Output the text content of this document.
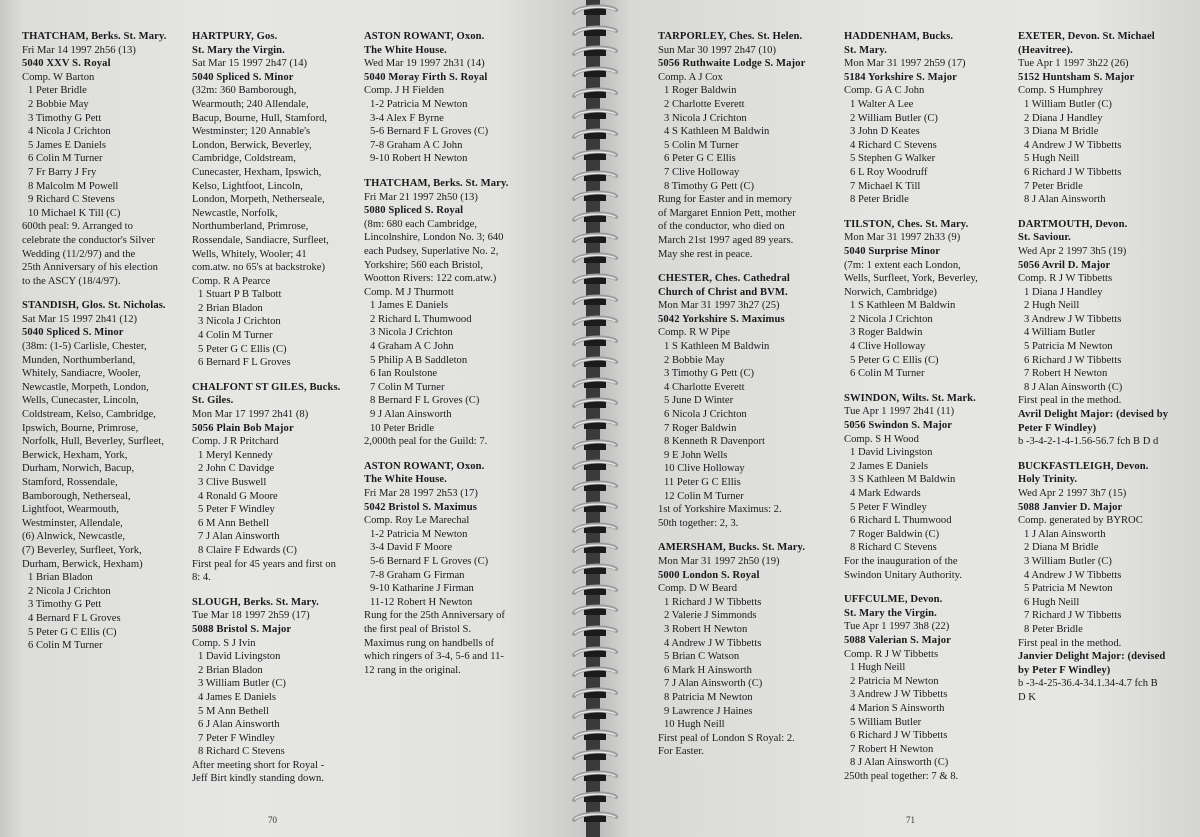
THATCHAM, Berks. St. Mary.
Fri Mar 14 1997 2h56 (13)
5040 XXV S. Royal
Comp. W Barton
1 Peter Bridle
2 Bobbie May
3 Timothy G Pett
4 Nicola J Crichton
5 James E Daniels
6 Colin M Turner
7 Fr Barry J Fry
8 Malcolm M Powell
9 Richard C Stevens
10 Michael K Till (C)
600th peal: 9. Arranged to
celebrate the conductor's Silver
Wedding (11/2/97) and the
25th Anniversary of his election
to the ASCY (18/4/97).
STANDISH, Glos. St. Nicholas.
Sat Mar 15 1997 2h41 (12)
5040 Spliced S. Minor
(38m: (1-5) Carlisle, Chester,
Munden, Northumberland,
Whitely, Sandiacre, Wooler,
Newcastle, Morpeth, London,
Wells, Cunecaster, Lincoln,
Coldstream, Kelso, Cambridge,
Ipswich, Bourne, Primrose,
Norfolk, Hull, Beverley, Surfleet,
Berwick, Hexham, York,
Durham, Norwich, Bacup,
Stamford, Rossendale,
Bamborough, Netherseal,
Lightfoot, Wearmouth,
Westminster, Allendale,
(6) Alnwick, Newcastle,
(7) Beverley, Surfleet, York,
Durham, Berwick, Hexham)
1 Brian Bladon
2 Nicola J Crichton
3 Timothy G Pett
4 Bernard F L Groves
5 Peter G C Ellis (C)
6 Colin M Turner
HARTPURY, Gos.
St. Mary the Virgin.
Sat Mar 15 1997 2h47 (14)
5040 Spliced S. Minor
(32m: 360 Bamborough,
Wearmouth; 240 Allendale,
Bacup, Bourne, Hull, Stamford,
Westminster; 120 Annable's
London, Berwick, Beverley,
Cambridge, Coldstream,
Cunecaster, Hexham, Ipswich,
Kelso, Lightfoot, Lincoln,
London, Morpeth, Netherseale,
Newcastle, Norfolk,
Northumberland, Primrose,
Rossendale, Sandiacre, Surfleet,
Wells, Whitely, Wooler; 41
com.atw. no 65's at backstroke)
Comp. R A Pearce
1 Stuart P B Talbott
2 Brian Bladon
3 Nicola J Crichton
4 Colin M Turner
5 Peter G C Ellis (C)
6 Bernard F L Groves
CHALFONT ST GILES, Bucks.
St. Giles.
Mon Mar 17 1997 2h41 (8)
5056 Plain Bob Major
Comp. J R Pritchard
1 Meryl Kennedy
2 John C Davidge
3 Clive Buswell
4 Ronald G Moore
5 Peter F Windley
6 M Ann Bethell
7 J Alan Ainsworth
8 Claire F Edwards (C)
First peal for 45 years and first on
8: 4.
SLOUGH, Berks. St. Mary.
Tue Mar 18 1997 2h59 (17)
5088 Bristol S. Major
Comp. S J Ivin
1 David Livingston
2 Brian Bladon
3 William Butler (C)
4 James E Daniels
5 M Ann Bethell
6 J Alan Ainsworth
7 Peter F Windley
8 Richard C Stevens
After meeting short for Royal -
Jeff Birt kindly standing down.
ASTON ROWANT, Oxon.
The White House.
Wed Mar 19 1997 2h31 (14)
5040 Moray Firth S. Royal
Comp. J H Fielden
1-2 Patricia M Newton
3-4 Alex F Byrne
5-6 Bernard F L Groves (C)
7-8 Graham A C John
9-10 Robert H Newton
THATCHAM, Berks. St. Mary.
Fri Mar 21 1997 2h50 (13)
5080 Spliced S. Royal
(8m: 680 each Cambridge,
Lincolnshire, London No. 3; 640
each Pudsey, Superlative No. 2,
Yorkshire; 560 each Bristol,
Wootton Rivers: 122 com.atw.)
Comp. M J Thurmott
1 James E Daniels
2 Richard L Thumwood
3 Nicola J Crichton
4 Graham A C John
5 Philip A B Saddleton
6 Ian Roulstone
7 Colin M Turner
8 Bernard F L Groves (C)
9 J Alan Ainsworth
10 Peter Bridle
2,000th peal for the Guild: 7.
ASTON ROWANT, Oxon.
The White House.
Fri Mar 28 1997 2h53 (17)
5042 Bristol S. Maximus
Comp. Roy Le Marechal
1-2 Patricia M Newton
3-4 David F Moore
5-6 Bernard F L Groves (C)
7-8 Graham G Firman
9-10 Katharine J Firman
11-12 Robert H Newton
Rung for the 25th Anniversary of
the first peal of Bristol S.
Maximus rung on handbells of
which ringers of 3-4, 5-6 and 11-
12 rang in the original.
70
TARPORLEY, Ches. St. Helen.
Sun Mar 30 1997 2h47 (10)
5056 Ruthwaite Lodge S. Major
Comp. A J Cox
1 Roger Baldwin
2 Charlotte Everett
3 Nicola J Crichton
4 S Kathleen M Baldwin
5 Colin M Turner
6 Peter G C Ellis
7 Clive Holloway
8 Timothy G Pett (C)
Rung for Easter and in memory
of Margaret Ennion Pett, mother
of the conductor, who died on
March 21st 1997 aged 89 years.
May she rest in peace.
CHESTER, Ches. Cathedral
Church of Christ and BVM.
Mon Mar 31 1997 3h27 (25)
5042 Yorkshire S. Maximus
Comp. R W Pipe
1 S Kathleen M Baldwin
2 Bobbie May
3 Timothy G Pett (C)
4 Charlotte Everett
5 June D Winter
6 Nicola J Crichton
7 Roger Baldwin
8 Kenneth R Davenport
9 E John Wells
10 Clive Holloway
11 Peter G C Ellis
12 Colin M Turner
1st of Yorkshire Maximus: 2.
50th together: 2, 3.
AMERSHAM, Bucks. St. Mary.
Mon Mar 31 1997 2h50 (19)
5000 London S. Royal
Comp. D W Beard
1 Richard J W Tibbetts
2 Valerie J Simmonds
3 Robert H Newton
4 Andrew J W Tibbetts
5 Brian C Watson
6 Mark H Ainsworth
7 J Alan Ainsworth (C)
8 Patricia M Newton
9 Lawrence J Haines
10 Hugh Neill
First peal of London S Royal: 2.
For Easter.
HADDENHAM, Bucks.
St. Mary.
Mon Mar 31 1997 2h59 (17)
5184 Yorkshire S. Major
Comp. G A C John
1 Walter A Lee
2 William Butler (C)
3 John D Keates
4 Richard C Stevens
5 Stephen G Walker
6 L Roy Woodruff
7 Michael K Till
8 Peter Bridle
TILSTON, Ches. St. Mary.
Mon Mar 31 1997 2h33 (9)
5040 Surprise Minor
(7m: 1 extent each London,
Wells, Surfleet, York, Beverley,
Norwich, Cambridge)
1 S Kathleen M Baldwin
2 Nicola J Crichton
3 Roger Baldwin
4 Clive Holloway
5 Peter G C Ellis (C)
6 Colin M Turner
SWINDON, Wilts. St. Mark.
Tue Apr 1 1997 2h41 (11)
5056 Swindon S. Major
Comp. S H Wood
1 David Livingston
2 James E Daniels
3 S Kathleen M Baldwin
4 Mark Edwards
5 Peter F Windley
6 Richard L Thumwood
7 Roger Baldwin (C)
8 Richard C Stevens
For the inauguration of the
Swindon Unitary Authority.
UFFCULME, Devon.
St. Mary the Virgin.
Tue Apr 1 1997 3h8 (22)
5088 Valerian S. Major
Comp. R J W Tibbetts
1 Hugh Neill
2 Patricia M Newton
3 Andrew J W Tibbetts
4 Marion S Ainsworth
5 William Butler
6 Richard J W Tibbetts
7 Robert H Newton
8 J Alan Ainsworth (C)
250th peal together: 7 & 8.
EXETER, Devon. St. Michael
(Heavitree).
Tue Apr 1 1997 3h22 (26)
5152 Huntsham S. Major
Comp. S Humphrey
1 William Butler (C)
2 Diana J Handley
3 Diana M Bridle
4 Andrew J W Tibbetts
5 Hugh Neill
6 Richard J W Tibbetts
7 Peter Bridle
8 J Alan Ainsworth
DARTMOUTH, Devon.
St. Saviour.
Wed Apr 2 1997 3h5 (19)
5056 Avril D. Major
Comp. R J W Tibbetts
1 Diana J Handley
2 Hugh Neill
3 Andrew J W Tibbetts
4 William Butler
5 Patricia M Newton
6 Richard J W Tibbetts
7 Robert H Newton
8 J Alan Ainsworth (C)
First peal in the method.
Avril Delight Major: (devised by
Peter F Windley)
b -3-4-2-1-4-1.56-56.7 fch B D d
BUCKFASTLEIGH, Devon.
Holy Trinity.
Wed Apr 2 1997 3h7 (15)
5088 Janvier D. Major
Comp. generated by BYROC
1 J Alan Ainsworth
2 Diana M Bridle
3 William Butler (C)
4 Andrew J W Tibbetts
5 Patricia M Newton
6 Hugh Neill
7 Richard J W Tibbetts
8 Peter Bridle
First peal in the method.
Janvier Delight Major: (devised
by Peter F Windley)
b -3-4-25-36.4-34.1.34-4.7 fch B
D K
71
